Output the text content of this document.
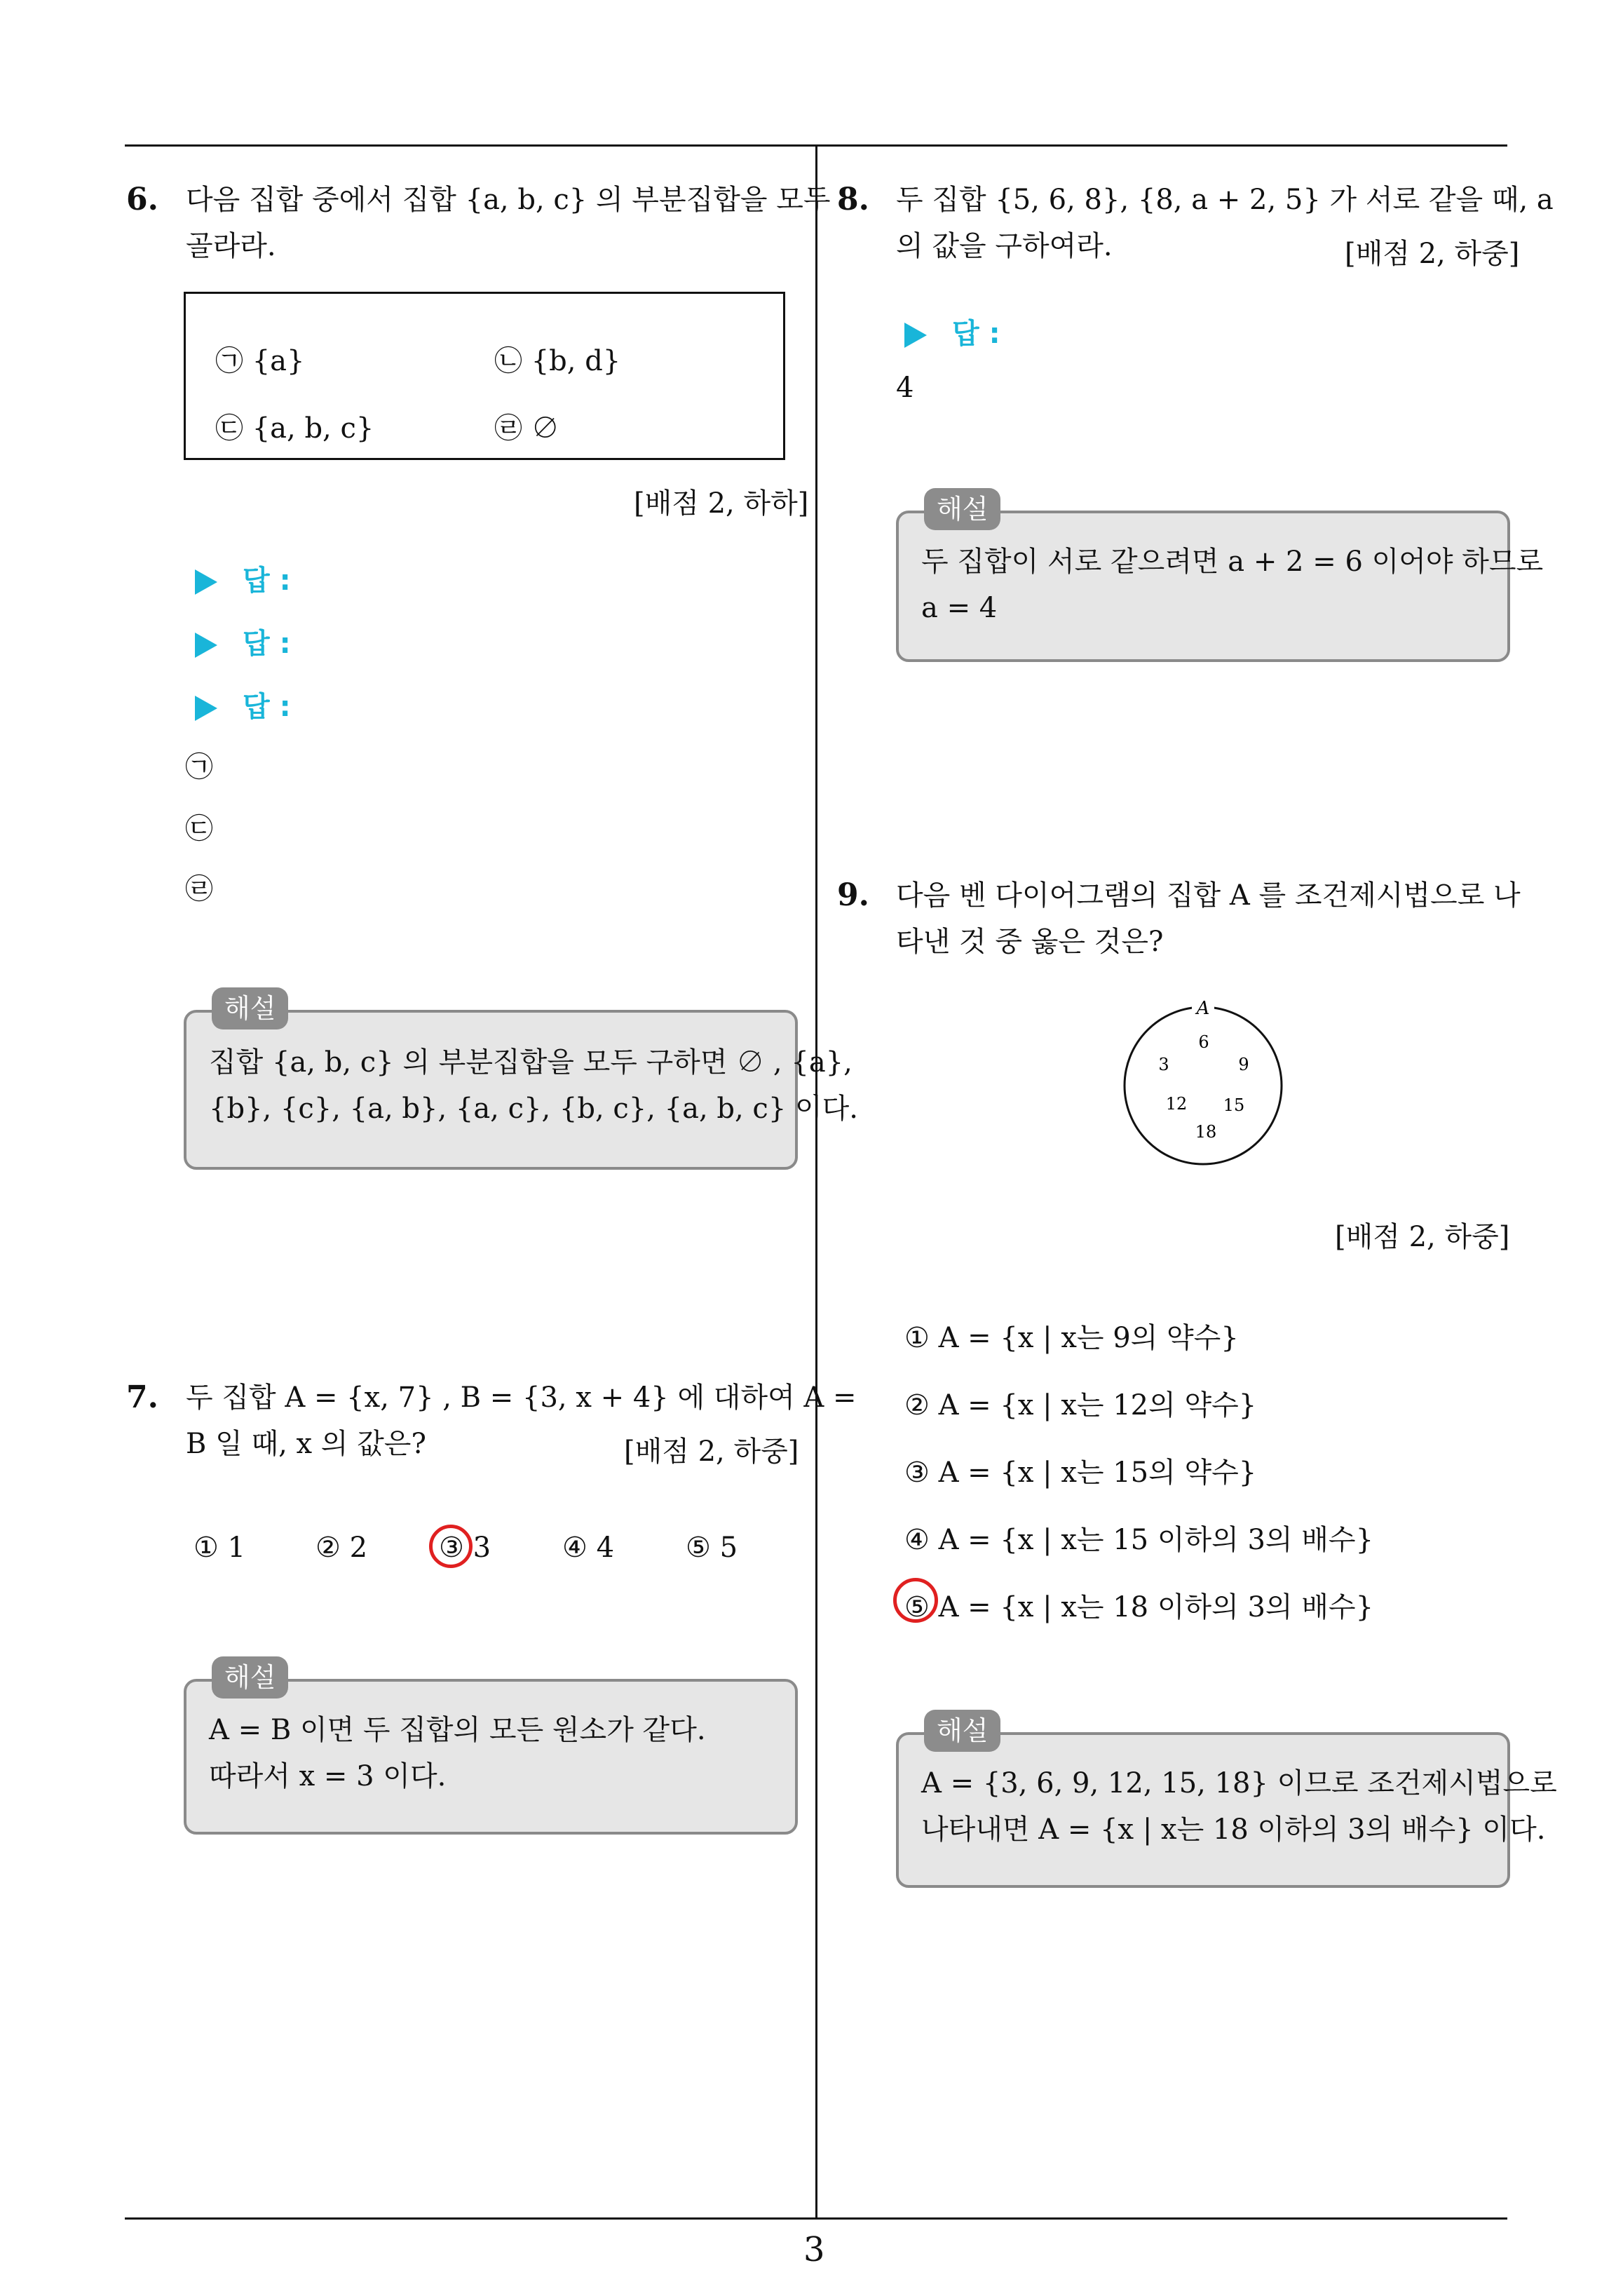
3
6. 다음 집합 중에서 집합 {a, b, c} 의 부분집합을 모두
골라라.
㉠ {a}	㉡ {b, d}
㉢ {a, b, c}	㉣ ∅
[배점 2, 하하]
답 :
답 :
답 :
㉠
㉢
㉣
집합 {a, b, c} 의 부분집합을 모두 구하면 ∅ , {a},
{b}, {c}, {a, b}, {a, c}, {b, c}, {a, b, c} 이다.
해설
7. 두 집합 A = {x, 7} , B = {3, x + 4} 에 대하여 A =
B 일 때, x 의 값은?	[배점 2, 하중]
① 1 ② 2	③ 3	④ 4	⑤ 5
A = B 이면 두 집합의 모든 원소가 같다.
따라서 x = 3 이다.
해설
8. 두 집합 {5, 6, 8}, {8, a + 2, 5} 가 서로 같을 때, a
의 값을 구하여라.	[배점 2, 하중]
답 :
4
두 집합이 서로 같으려면 a + 2 = 6 이어야 하므로
a = 4
해설
9. 다음 벤 다이어그램의 집합 A 를 조건제시법으로 나
타낸 것 중 옳은 것은?
A
6
3	9
12 15
18
[배점 2, 하중]
① A = {x | x는 9의 약수}
② A = {x | x는 12의 약수}
③ A = {x | x는 15의 약수}
④ A = {x | x는 15 이하의 3의 배수}
⑤ A = {x | x는 18 이하의 3의 배수}
A = {3, 6, 9, 12, 15, 18} 이므로 조건제시법으로
나타내면 A = {x | x는 18 이하의 3의 배수} 이다.
해설
